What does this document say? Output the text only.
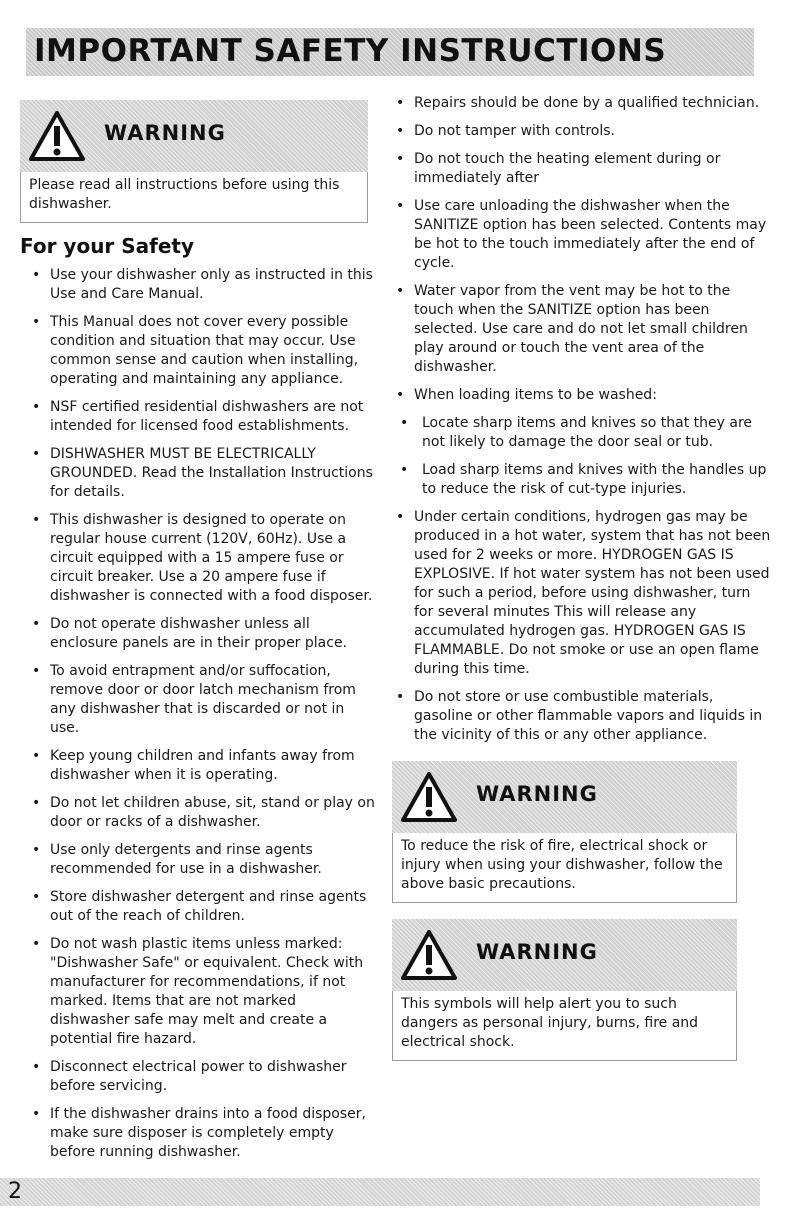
IMPORTANT SAFETY INSTRUCTIONS
WARNING
Please read all instructions before using this dishwasher.
For your Safety
• Use your dishwasher only as instructed in this Use and Care Manual.
• This Manual does not cover every possible condition and situation that may occur. Use common sense and caution when installing, operating and maintaining any appliance.
• NSF certified residential dishwashers are not intended for licensed food establishments.
• DISHWASHER MUST BE ELECTRICALLY GROUNDED. Read the Installation Instructions for details.
• This dishwasher is designed to operate on regular house current (120V, 60Hz). Use a circuit equipped with a 15 ampere fuse or circuit breaker. Use a 20 ampere fuse if dishwasher is connected with a food disposer.
• Do not operate dishwasher unless all enclosure panels are in their proper place.
• To avoid entrapment and/or suffocation, remove door or door latch mechanism from any dishwasher that is discarded or not in use.
• Keep young children and infants away from dishwasher when it is operating.
• Do not let children abuse, sit, stand or play on door or racks of a dishwasher.
• Use only detergents and rinse agents recommended for use in a dishwasher.
• Store dishwasher detergent and rinse agents out of the reach of children.
• Do not wash plastic items unless marked: "Dishwasher Safe" or equivalent. Check with manufacturer for recommendations, if not marked. Items that are not marked dishwasher safe may melt and create a potential fire hazard.
• Disconnect electrical power to dishwasher before servicing.
• If the dishwasher drains into a food disposer, make sure disposer is completely empty before running dishwasher.
• Repairs should be done by a qualified technician.
• Do not tamper with controls.
• Do not touch the heating element during or immediately after
• Use care unloading the dishwasher when the SANITIZE option has been selected. Contents may be hot to the touch immediately after the end of cycle.
• Water vapor from the vent may be hot to the touch when the SANITIZE option has been selected. Use care and do not let small children play around or touch the vent area of the dishwasher.
• When loading items to be washed:
• Locate sharp items and knives so that they are not likely to damage the door seal or tub.
• Load sharp items and knives with the handles up to reduce the risk of cut-type injuries.
• Under certain conditions, hydrogen gas may be produced in a hot water, system that has not been used for 2 weeks or more. HYDROGEN GAS IS EXPLOSIVE. If hot water system has not been used for such a period, before using dishwasher, turn for several minutes This will release any accumulated hydrogen gas. HYDROGEN GAS IS FLAMMABLE. Do not smoke or use an open flame during this time.
• Do not store or use combustible materials, gasoline or other flammable vapors and liquids in the vicinity of this or any other appliance.
WARNING
To reduce the risk of fire, electrical shock or injury when using your dishwasher, follow the above basic precautions.
WARNING
This symbols will help alert you to such dangers as personal injury, burns, fire and electrical shock.
2
